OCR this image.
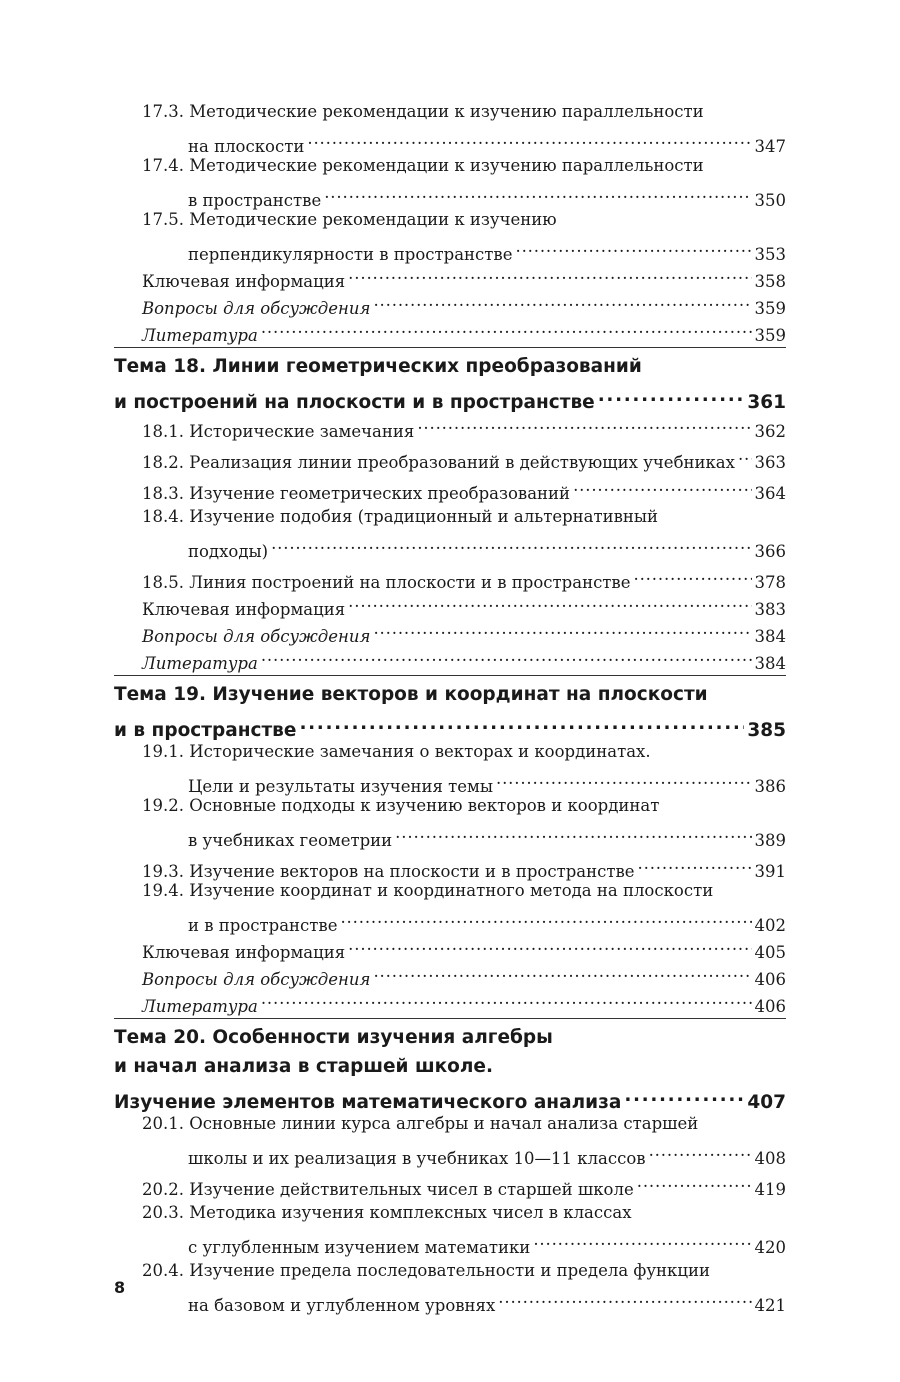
17.3.
Методические рекомендации к изучению параллельности
на плоскости . . .	347
17.4.
Методические рекомендации к изучению параллельности
в пространстве . . .	350
17.5.
Методические рекомендации к изучению
перпендикулярности в пространстве . . .	353
Ключевая информация . . .	358
Вопросы для обсуждения . . .	359
Литература . . .	359
Тема 18. Линии геометрических преобразований
и построений на плоскости и в пространстве . . .	361
18.1. Исторические замечания . . .	362
18.2. Реализация линии преобразований в действующих учебниках . . . 363
18.3. Изучение геометрических преобразований . . .	364
18.4. Изучение подобия (традиционный и альтернативный
подходы) . . .	366
18.5. Линия построений на плоскости и в пространстве . . .	378
Ключевая информация . . .	383
Вопросы для обсуждения . . .	384
Литература . . .	384
Тема 19. Изучение векторов и координат на плоскости
и в пространстве . . .	385
19.1. Исторические замечания о векторах и координатах.
Цели и результаты изучения темы . . .	386
19.2. Основные подходы к изучению векторов и координат
в учебниках геометрии . . .	389
19.3. Изучение векторов на плоскости и в пространстве . . .	391
19.4. Изучение координат и координатного метода на плоскости
и в пространстве . . .	402
Ключевая информация . . .	405
Вопросы для обсуждения . . .	406
Литература . . .	406
Тема 20. Особенности изучения алгебры
и начал анализа в старшей школе.
Изучение элементов математического анализа . . .	407
20.1. Основные линии курса алгебры и начал анализа старшей
школы и их реализация в учебниках 10—11 классов . . .	408
20.2. Изучение действительных чисел в старшей школе . . .	419
20.3. Методика изучения комплексных чисел в классах
с углубленным изучением математики . . .	420
20.4. Изучение предела последовательности и предела функции
на базовом и углубленном уровнях . . .	421
8
